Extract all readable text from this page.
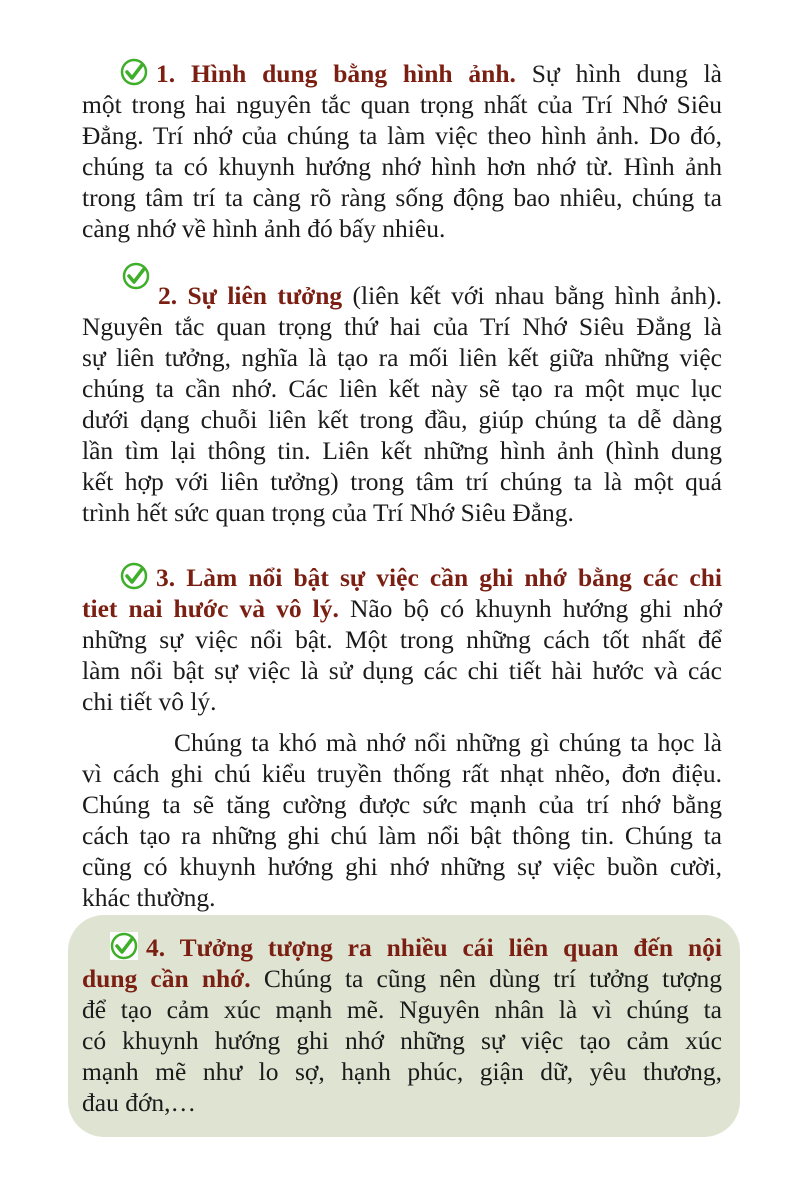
1. Hình dung bằng hình ảnh. Sự hình dung là
một trong hai nguyên tắc quan trọng nhất của Trí Nhớ Siêu
Đẳng. Trí nhớ của chúng ta làm việc theo hình ảnh. Do đó,
chúng ta có khuynh hướng nhớ hình hơn nhớ từ. Hình ảnh
trong tâm trí ta càng rõ ràng sống động bao nhiêu, chúng ta
càng nhớ về hình ảnh đó bấy nhiêu.
2. Sự liên tưởng (liên kết với nhau bằng hình ảnh).
Nguyên tắc quan trọng thứ hai của Trí Nhớ Siêu Đẳng là
sự liên tưởng, nghĩa là tạo ra mối liên kết giữa những việc
chúng ta cần nhớ. Các liên kết này sẽ tạo ra một mục lục
dưới dạng chuỗi liên kết trong đầu, giúp chúng ta dễ dàng
lần tìm lại thông tin. Liên kết những hình ảnh (hình dung
kết hợp với liên tưởng) trong tâm trí chúng ta là một quá
trình hết sức quan trọng của Trí Nhớ Siêu Đẳng.
3. Làm nổi bật sự việc cần ghi nhớ bằng các chi
tiet nai hước và vô lý. Não bộ có khuynh hướng ghi nhớ
những sự việc nổi bật. Một trong những cách tốt nhất để
làm nổi bật sự việc là sử dụng các chi tiết hài hước và các
chi tiết vô lý.
Chúng ta khó mà nhớ nổi những gì chúng ta học là
vì cách ghi chú kiểu truyền thống rất nhạt nhẽo, đơn điệu.
Chúng ta sẽ tăng cường được sức mạnh của trí nhớ bằng
cách tạo ra những ghi chú làm nổi bật thông tin. Chúng ta
cũng có khuynh hướng ghi nhớ những sự việc buồn cười,
khác thường.
4. Tưởng tượng ra nhiều cái liên quan đến nội
dung cần nhớ. Chúng ta cũng nên dùng trí tưởng tượng
để tạo cảm xúc mạnh mẽ. Nguyên nhân là vì chúng ta
có khuynh hướng ghi nhớ những sự việc tạo cảm xúc
mạnh mẽ như lo sợ, hạnh phúc, giận dữ, yêu thương,
đau đớn,…
